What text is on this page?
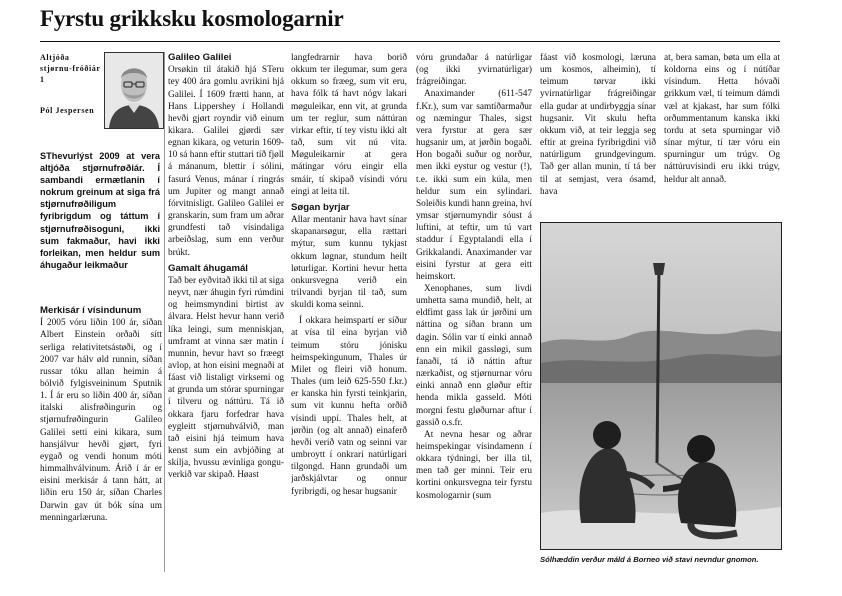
Fyrstu grikksku kosmologarnir
Altjóða stjørnu-fróðiár 1
Pól Jespersen
SThevurlýst 2009 at vera altjóða stjørnufrøðiár. Í sambandi ermætlanin í nokrum greinum at siga frá stjørnufrøðiligum fyribrigdum og táttum í stjørnufrøðisoguni, ikki sum fakmaður, havi ikki forleikan, men heldur sum áhugaður leikmaður
Merkisár í vísindunum

Í 2005 vóru liðin 100 ár, síðan Albert Einstein orðaði sítt serliga relativitetsástøði, og í 2007 var hálv øld runnin, síðan russar tóku allan heimin á bólvið fylgisveininum Sputnik 1. Í ár eru so liðin 400 ár, síðan italski alisfrøðingurin og stjørnufrøðingurin Galileo Galilei setti eini kikara, sum hansjálvur hevði gjørt, fyri eygað og vendi honum móti himmalhválvinum. Árið í ár er eisini merkisár á tann hátt, at liðin eru 150 ár, síðan Charles Darwin gav út bók sína um menningarlæruna.

Galileo Galilei

Orsøkin til átakið hjá STeru tey 400 ára gomlu avrikini hjá Galilei. Í 1609 frætti hann, at Hans Lippershey í Hollandi hevði gjørt royndir við einum kikara. Galilei gjørdi sær egnan kikara, og veturin 1609-10 sá hann eftir stuttari tíð fjøll á mánanum, blettir í sólini, fasurá Venus, mánar í ringrás um Jupiter og mangt annað fórvitnisligt. Galileo Galilei er granskarin, sum fram um aðrar grundfesti tað vísindaliga arbeiðslag, sum enn verður brúkt.

Gamalt áhugamál

Tað ber eyðvitað ikki til at siga neyvt, nær áhugin fyri rúmdini og heimsmyndini birtist av álvara. Helst hevur hann verið líka leingi, sum menniskjan, umframt at vinna sær matin í munnin, hevur havt so fræegt avlop, at hon eisini megnaði at fáast við listaligt virksemi og at grunda um stórar spurningar í tilveru og náttúru. Tá ið okkara fjaru forfedrar hava eygleitt stjørnuhválvið, man tað eisini hjá teimum hava kenst sum ein avbjóðing at skilja, hvussu ævinliga gongu-verkið var skipað. Høast

langfedrarnir hava borið okkum ter ilegumar, sum gera okkum so fræeg, sum vit eru, hava fólk tá havt nógv lakari møguleikar, enn vit, at grunda um ter reglur, sum náttúran virkar eftir, tí tey vistu ikki alt tað, sum vit nú vita. Møguleikarnir at gera mátingar vóru eingir ella smáir, tí skipað vísindi vóru eingi at leita til.

Søgan byrjar

Allar mentanir hava havt sínar skapanarsøgur, ella rættari mýtur, sum kunnu tykjast okkum løgnar, stundum heilt løturligar. Kortini hevur hetta onkursvegna verið ein trilvandi byrjan til tað, sum skuldi koma seinni.

Í okkara heimspartí er síður at vísa til eina byrjan við teimum stóru jónisku heimspekingunum, Thales úr Milet og fleiri við honum. Thales (um leið 625-550 f.kr.) er kanska hin fyrsti teinkjarin, sum vit kunnu hefta orðið vísindi uppí. Thales helt, at jørðin (og alt annað) einaferð hevði verið vatn og seinni var umbroytt í onkrari natúrligari tilgongd. Hann grundaði um jarðskjálvtar og onnur fyribrigdi, og hesar hugsanir

vóru grundaðar á natúrligar (og ikki yvirnatúrligar) frágreiðingar.

Anaximander (611-547 f.Kr.), sum var samtíðarmaður og næmingur Thales, sigst vera fyrstur at gera sær hugsanir um, at jørðin bogaði. Hon bogaði suður og norður, men ikki eystur og vestur (!), t.e. ikki sum ein kúla, men heldur sum ein sylindari. Soleiðis kundi hann greina, hví ymsar stjørnumyndir sóust á luftini, at teftir, um tú vart staddur í Egyptalandi ella í Grikkalandi. Anaximander var eisini fyrstur at gera eitt heimskort.

Xenophanes, sum livdi umhetta sama mundið, helt, at eldfimt gass lak úr jørðini um náttina og síðan brann um dagin. Sólin var tí einki annað enn ein mikil gassløgi, sum fanaði, tá ið náttin aftur nærkaðist, og stjørnurnar vóru einki annað enn gløður eftir henda mikla gasseld. Móti morgni festu gløðurnar aftur í gassið o.s.fr.

At nevna hesar og aðrar heimspekingar vísindamenn í okkara týdningi, ber illa til, men tað ger minni. Teir eru kortini onkursvegna teir fyrstu kosmologarnir (sum

fáast við kosmologi, læruna um kosmos, alheimin), tí teimum tørvar ikki yvirnatúrligar frágreiðingar ella gudar at undirbyggja sínar hugsanir. Vit skulu hefta okkum við, at teir leggja seg eftir at greina fyribrigdini við natúrligum grundgevingum. Tað ger allan munin, tí tá ber til at semjast, vera ósamd, hava

at, bera saman, bøta um ella at koldorna eins og í nútíðar vísindum. Hetta hóvaði grikkum væl, tí teimum dámdi væl at kjakast, har sum fólki orðummentanum kanska ikki tordu at seta spurningar við sínar mýtur, tí tær vóru ein spurningur um trúgv. Og náttúruvísindi eru ikki trúgv, heldur alt annað.

Sólhæddin verður máld á Borneo við stavi nevndur gnomon.
